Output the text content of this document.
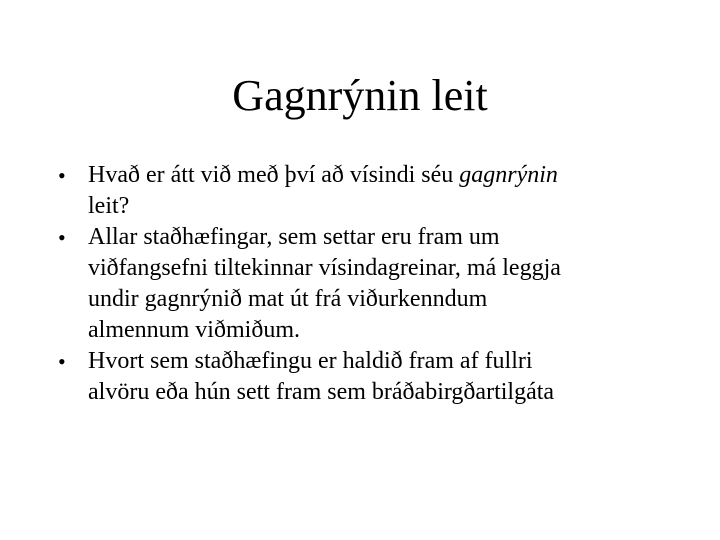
Gagnrýnin leit
• Hvað er átt við með því að vísindi séu gagnrýnin
leit?
• Allar staðhæfingar, sem settar eru fram um
viðfangsefni tiltekinnar vísindagreinar, má leggja
undir gagnrýnið mat út frá viðurkenndum
almennum viðmiðum.
• Hvort sem staðhæfingu er haldið fram af fullri
alvöru eða hún sett fram sem bráðabirgðartilgáta
